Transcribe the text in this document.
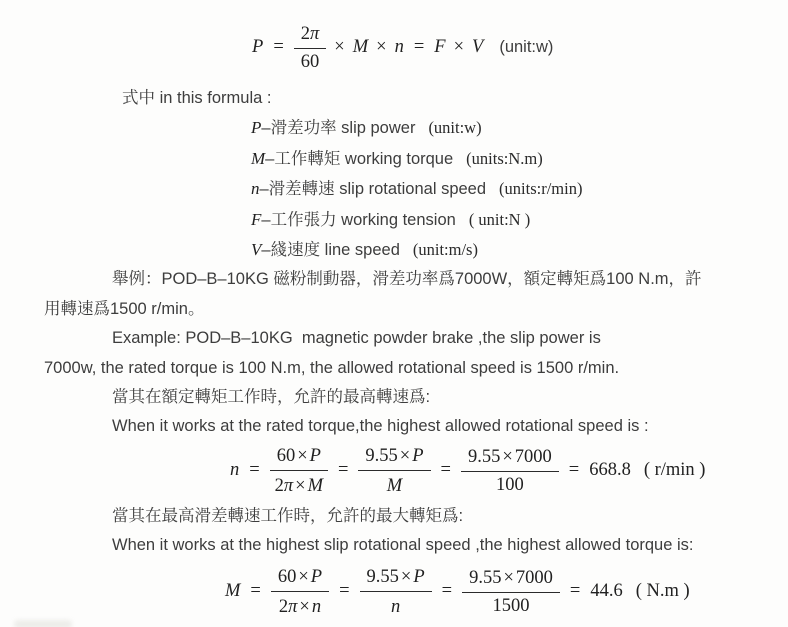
$P = \frac{2\pi}{60} \times M \times n = F \times V$ (unit:w)
式中 in this formula :
P–滑差功率 slip power (unit:w)
M–工作轉矩 working torque (units:N.m)
n–滑差轉速 slip rotational speed (units:r/min)
F–工作張力 working tension ( unit:N )
V–綫速度 line speed (unit:m/s)
舉例：POD–B–10KG 磁粉制動器，滑差功率爲7000W，額定轉矩爲100 N.m，許
用轉速爲1500 r/min。
Example: POD–B–10KG  magnetic powder brake ,the slip power is
7000w, the rated torque is 100 N.m, the allowed rotational speed is 1500 r/min.
當其在額定轉矩工作時，允許的最高轉速爲:
When it works at the rated torque,the highest allowed rotational speed is :
$n = \frac{60 \times P}{2\pi \times M} = \frac{9.55 \times P}{M} = \frac{9.55 \times 7000}{100} = 668.8$ ( r/min )
當其在最高滑差轉速工作時，允許的最大轉矩爲:
When it works at the highest slip rotational speed ,the highest allowed torque is:
$M = \frac{60 \times P}{2\pi \times n} = \frac{9.55 \times P}{n} = \frac{9.55 \times 7000}{1500} = 44.6$ ( N.m )
